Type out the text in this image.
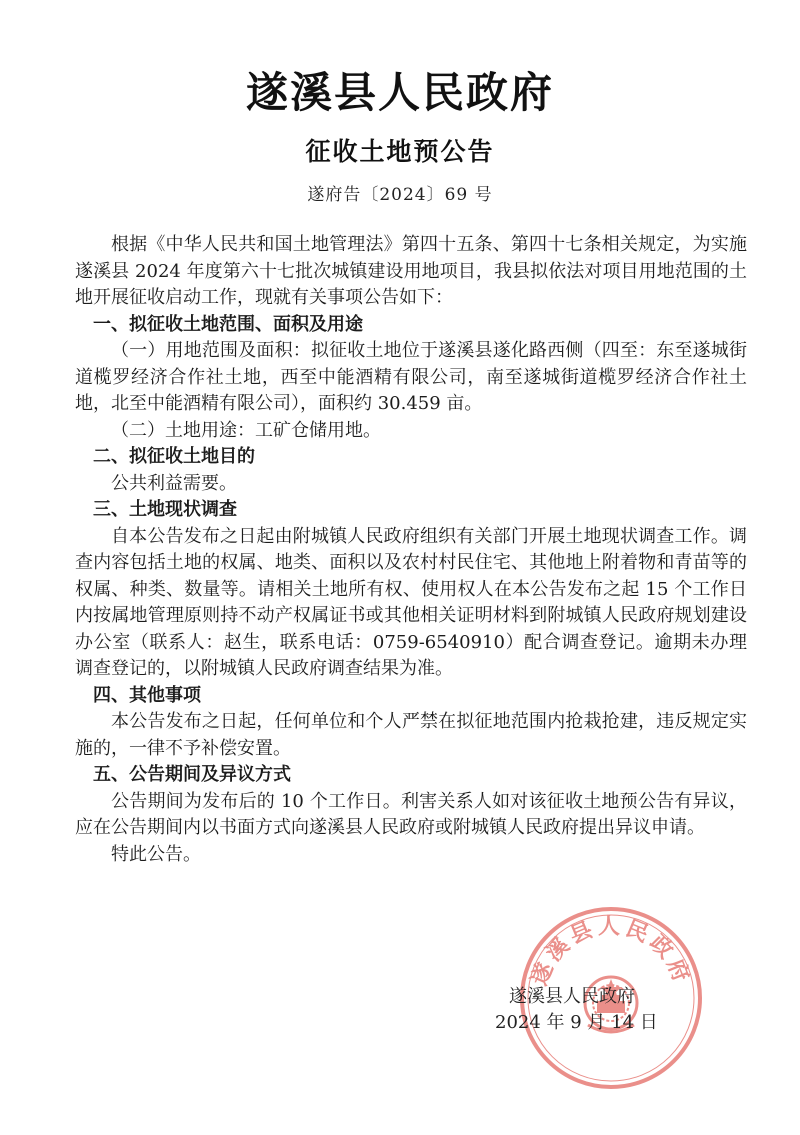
遂溪县人民政府
征收土地预公告
遂府告〔2024〕69 号

根据《中华人民共和国土地管理法》第四十五条、第四十七条相关规定，为实施遂溪县 2024 年度第六十七批次城镇建设用地项目，我县拟依法对项目用地范围的土地开展征收启动工作，现就有关事项公告如下：

一、拟征收土地范围、面积及用途

（一）用地范围及面积：拟征收土地位于遂溪县遂化路西侧（四至：东至遂城街道榄罗经济合作社土地，西至中能酒精有限公司，南至遂城街道榄罗经济合作社土地，北至中能酒精有限公司），面积约 30.459 亩。

（二）土地用途：工矿仓储用地。

二、拟征收土地目的

公共利益需要。

三、土地现状调查

自本公告发布之日起由附城镇人民政府组织有关部门开展土地现状调查工作。调查内容包括土地的权属、地类、面积以及农村村民住宅、其他地上附着物和青苗等的权属、种类、数量等。请相关土地所有权、使用权人在本公告发布之起 15 个工作日内按属地管理原则持不动产权属证书或其他相关证明材料到附城镇人民政府规划建设办公室（联系人：赵生，联系电话：0759-6540910）配合调查登记。逾期未办理调查登记的，以附城镇人民政府调查结果为准。

四、其他事项

本公告发布之日起，任何单位和个人严禁在拟征地范围内抢栽抢建，违反规定实施的，一律不予补偿安置。

五、公告期间及异议方式

公告期间为发布后的 10 个工作日。利害关系人如对该征收土地预公告有异议，应在公告期间内以书面方式向遂溪县人民政府或附城镇人民政府提出异议申请。

特此公告。

遂溪县人民政府
遂溪县人民政府
2024 年 9 月 14 日
